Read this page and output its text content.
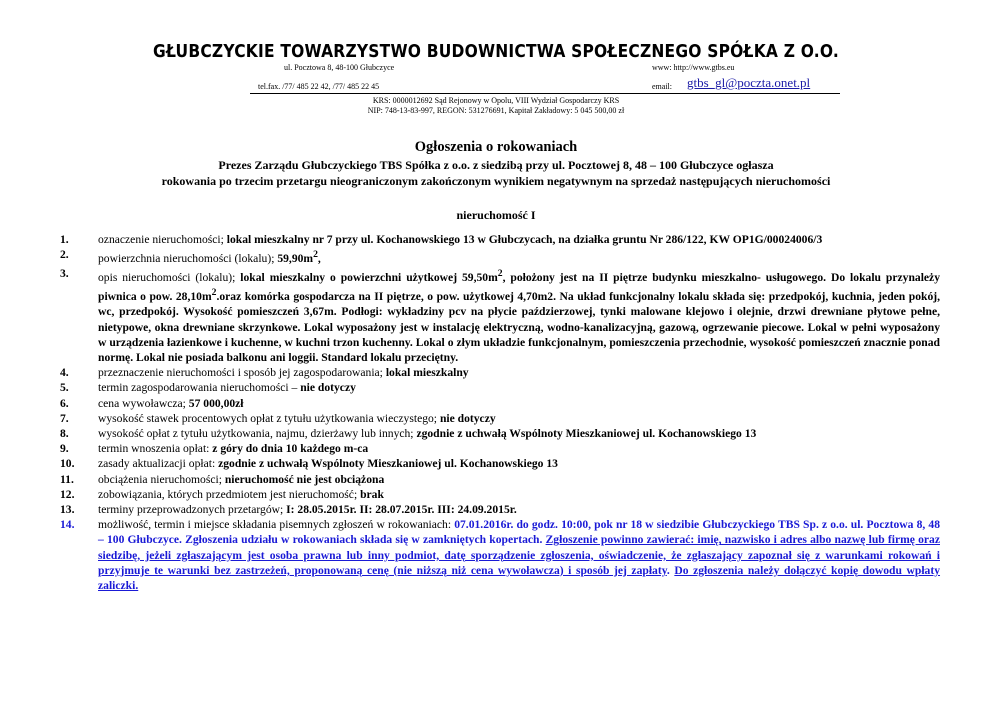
GŁUBCZYCKIE TOWARZYSTWO BUDOWNICTWA SPOŁECZNEGO SPÓŁKA Z O.O.
ul. Pocztowa 8, 48-100 Głubczyce
tel.fax. /77/ 485 22 42, /77/ 485 22 45
www: http://www.gtbs.eu
email: gtbs_gl@poczta.onet.pl
KRS: 0000012692 Sąd Rejonowy w Opolu, VIII Wydział Gospodarczy KRS
NIP: 748-13-83-997, REGON: 531276691, Kapitał Zakładowy: 5 045 500,00 zł
Ogłoszenia o rokowaniach
Prezes Zarządu Głubczyckiego TBS Spółka z o.o. z siedzibą przy ul. Pocztowej 8, 48 – 100 Głubczyce ogłasza
rokowania po trzecim przetargu nieograniczonym zakończonym wynikiem negatywnym na sprzedaż następujących nieruchomości
nieruchomość I
1.	oznaczenie nieruchomości; lokal mieszkalny nr 7 przy ul. Kochanowskiego 13 w Głubczycach, na działka gruntu Nr 286/122, KW OP1G/00024006/3
2.	powierzchnia nieruchomości (lokalu); $59,90m^2$,
3.	opis nieruchomości (lokalu); lokal mieszkalny o powierzchni użytkowej $59,50m^2$, położony jest na II piętrze budynku mieszkalno- usługowego. Do lokalu przynależy piwnica o pow. $28,10m^2.oraz$ komórka gospodarcza na II piętrze, o pow. użytkowej 4,70m2. Na układ funkcjonalny lokalu składa się: przedpokój, kuchnia, jeden pokój, wc, przedpokój. Wysokość pomieszczeń 3,67m. Podłogi: wykładziny pcv na płycie paździerzowej, tynki malowane klejowo i olejnie, drzwi drewniane płytowe pełne, nietypowe, okna drewniane skrzynkowe. Lokal wyposażony jest w instalację elektryczną, wodno-kanalizacyjną, gazową, ogrzewanie piecowe. Lokal w pełni wyposażony w urządzenia łazienkowe i kuchenne, w kuchni trzon kuchenny. Lokal o złym układzie funkcjonalnym, pomieszczenia przechodnie, wysokość pomieszczeń znacznie ponad normę. Lokal nie posiada balkonu ani loggii. Standard lokalu przeciętny.
4.	przeznaczenie nieruchomości i sposób jej zagospodarowania; lokal mieszkalny
5.	termin zagospodarowania nieruchomości – nie dotyczy
6.	cena wywoławcza; 57 000,00zł
7.	wysokość stawek procentowych opłat z tytułu użytkowania wieczystego; nie dotyczy
8.	wysokość opłat z tytułu użytkowania, najmu, dzierżawy lub innych; zgodnie z uchwałą Wspólnoty Mieszkaniowej ul. Kochanowskiego 13
9.	termin wnoszenia opłat: z góry do dnia 10 każdego m-ca
10.	zasady aktualizacji opłat: zgodnie z uchwałą Wspólnoty Mieszkaniowej ul. Kochanowskiego 13
11.	obciążenia nieruchomości; nieruchomość nie jest obciążona
12.	zobowiązania, których przedmiotem jest nieruchomość; brak
13.	terminy przeprowadzonych przetargów; I: 28.05.2015r. II: 28.07.2015r. III: 24.09.2015r.
14.	możliwość, termin i miejsce składania pisemnych zgłoszeń w rokowaniach: 07.01.2016r. do godz. 10:00, pok nr 18 w siedzibie Głubczyckiego TBS Sp. z o.o. ul. Pocztowa 8, 48 – 100 Głubczyce. Zgłoszenia udziału w rokowaniach składa się w zamkniętych kopertach. Zgłoszenie powinno zawierać: imię, nazwisko i adres albo nazwę lub firmę oraz siedzibę, jeżeli zgłaszającym jest osoba prawna lub inny podmiot, datę sporządzenie zgłoszenia, oświadczenie, że zgłaszający zapoznał się z warunkami rokowań i przyjmuje te warunki bez zastrzeżeń, proponowaną cenę (nie niższą niż cena wywoławcza) i sposób jej zapłaty. Do zgłoszenia należy dołączyć kopię dowodu wpłaty zaliczki.
